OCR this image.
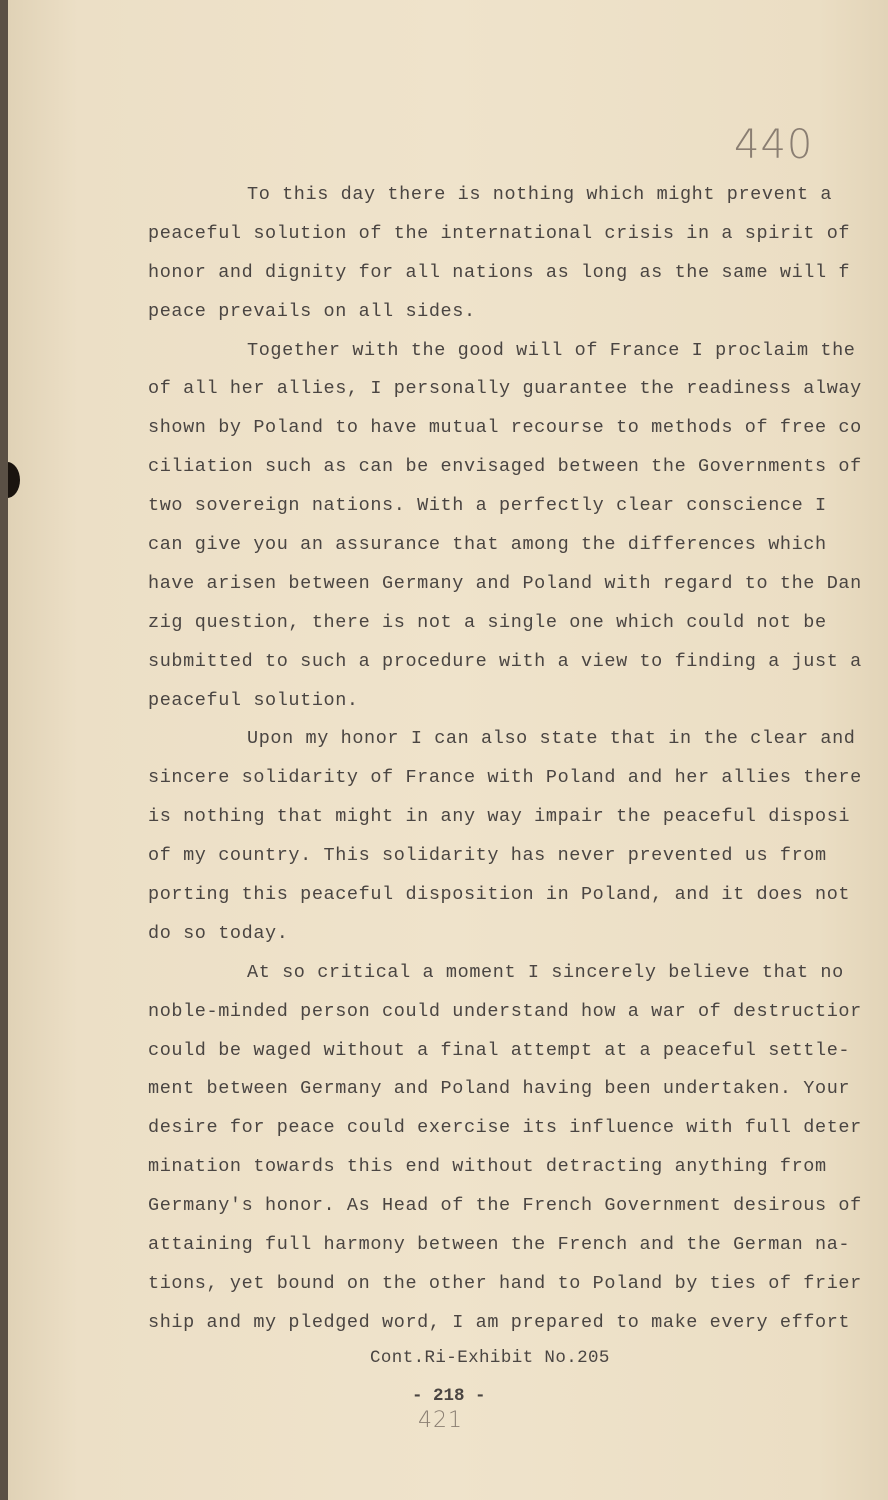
440
To this day there is nothing which might prevent a
peaceful solution of the international crisis in a spirit of
honor and dignity for all nations as long as the same will f
peace prevails on all sides.
Together with the good will of France I proclaim the
of all her allies, I personally guarantee the readiness alway
shown by Poland to have mutual recourse to methods of free co
ciliation such as can be envisaged between the Governments of
two sovereign nations. With a perfectly clear conscience I
can give you an assurance that among the differences which
have arisen between Germany and Poland with regard to the Dan
zig question, there is not a single one which could not be
submitted to such a procedure with a view to finding a just a
peaceful solution.
Upon my honor I can also state that in the clear and
sincere solidarity of France with Poland and her allies there
is nothing that might in any way impair the peaceful disposi
of my country. This solidarity has never prevented us from
porting this peaceful disposition in Poland, and it does not
do so today.
At so critical a moment I sincerely believe that no
noble-minded person could understand how a war of destructior
could be waged without a final attempt at a peaceful settle-
ment between Germany and Poland having been undertaken. Your
desire for peace could exercise its influence with full deter
mination towards this end without detracting anything from
Germany's honor. As Head of the French Government desirous of
attaining full harmony between the French and the German na-
tions, yet bound on the other hand to Poland by ties of frier
ship and my pledged word, I am prepared to make every effort
Cont.Ri-Exhibit No.205
- 218 -
421
